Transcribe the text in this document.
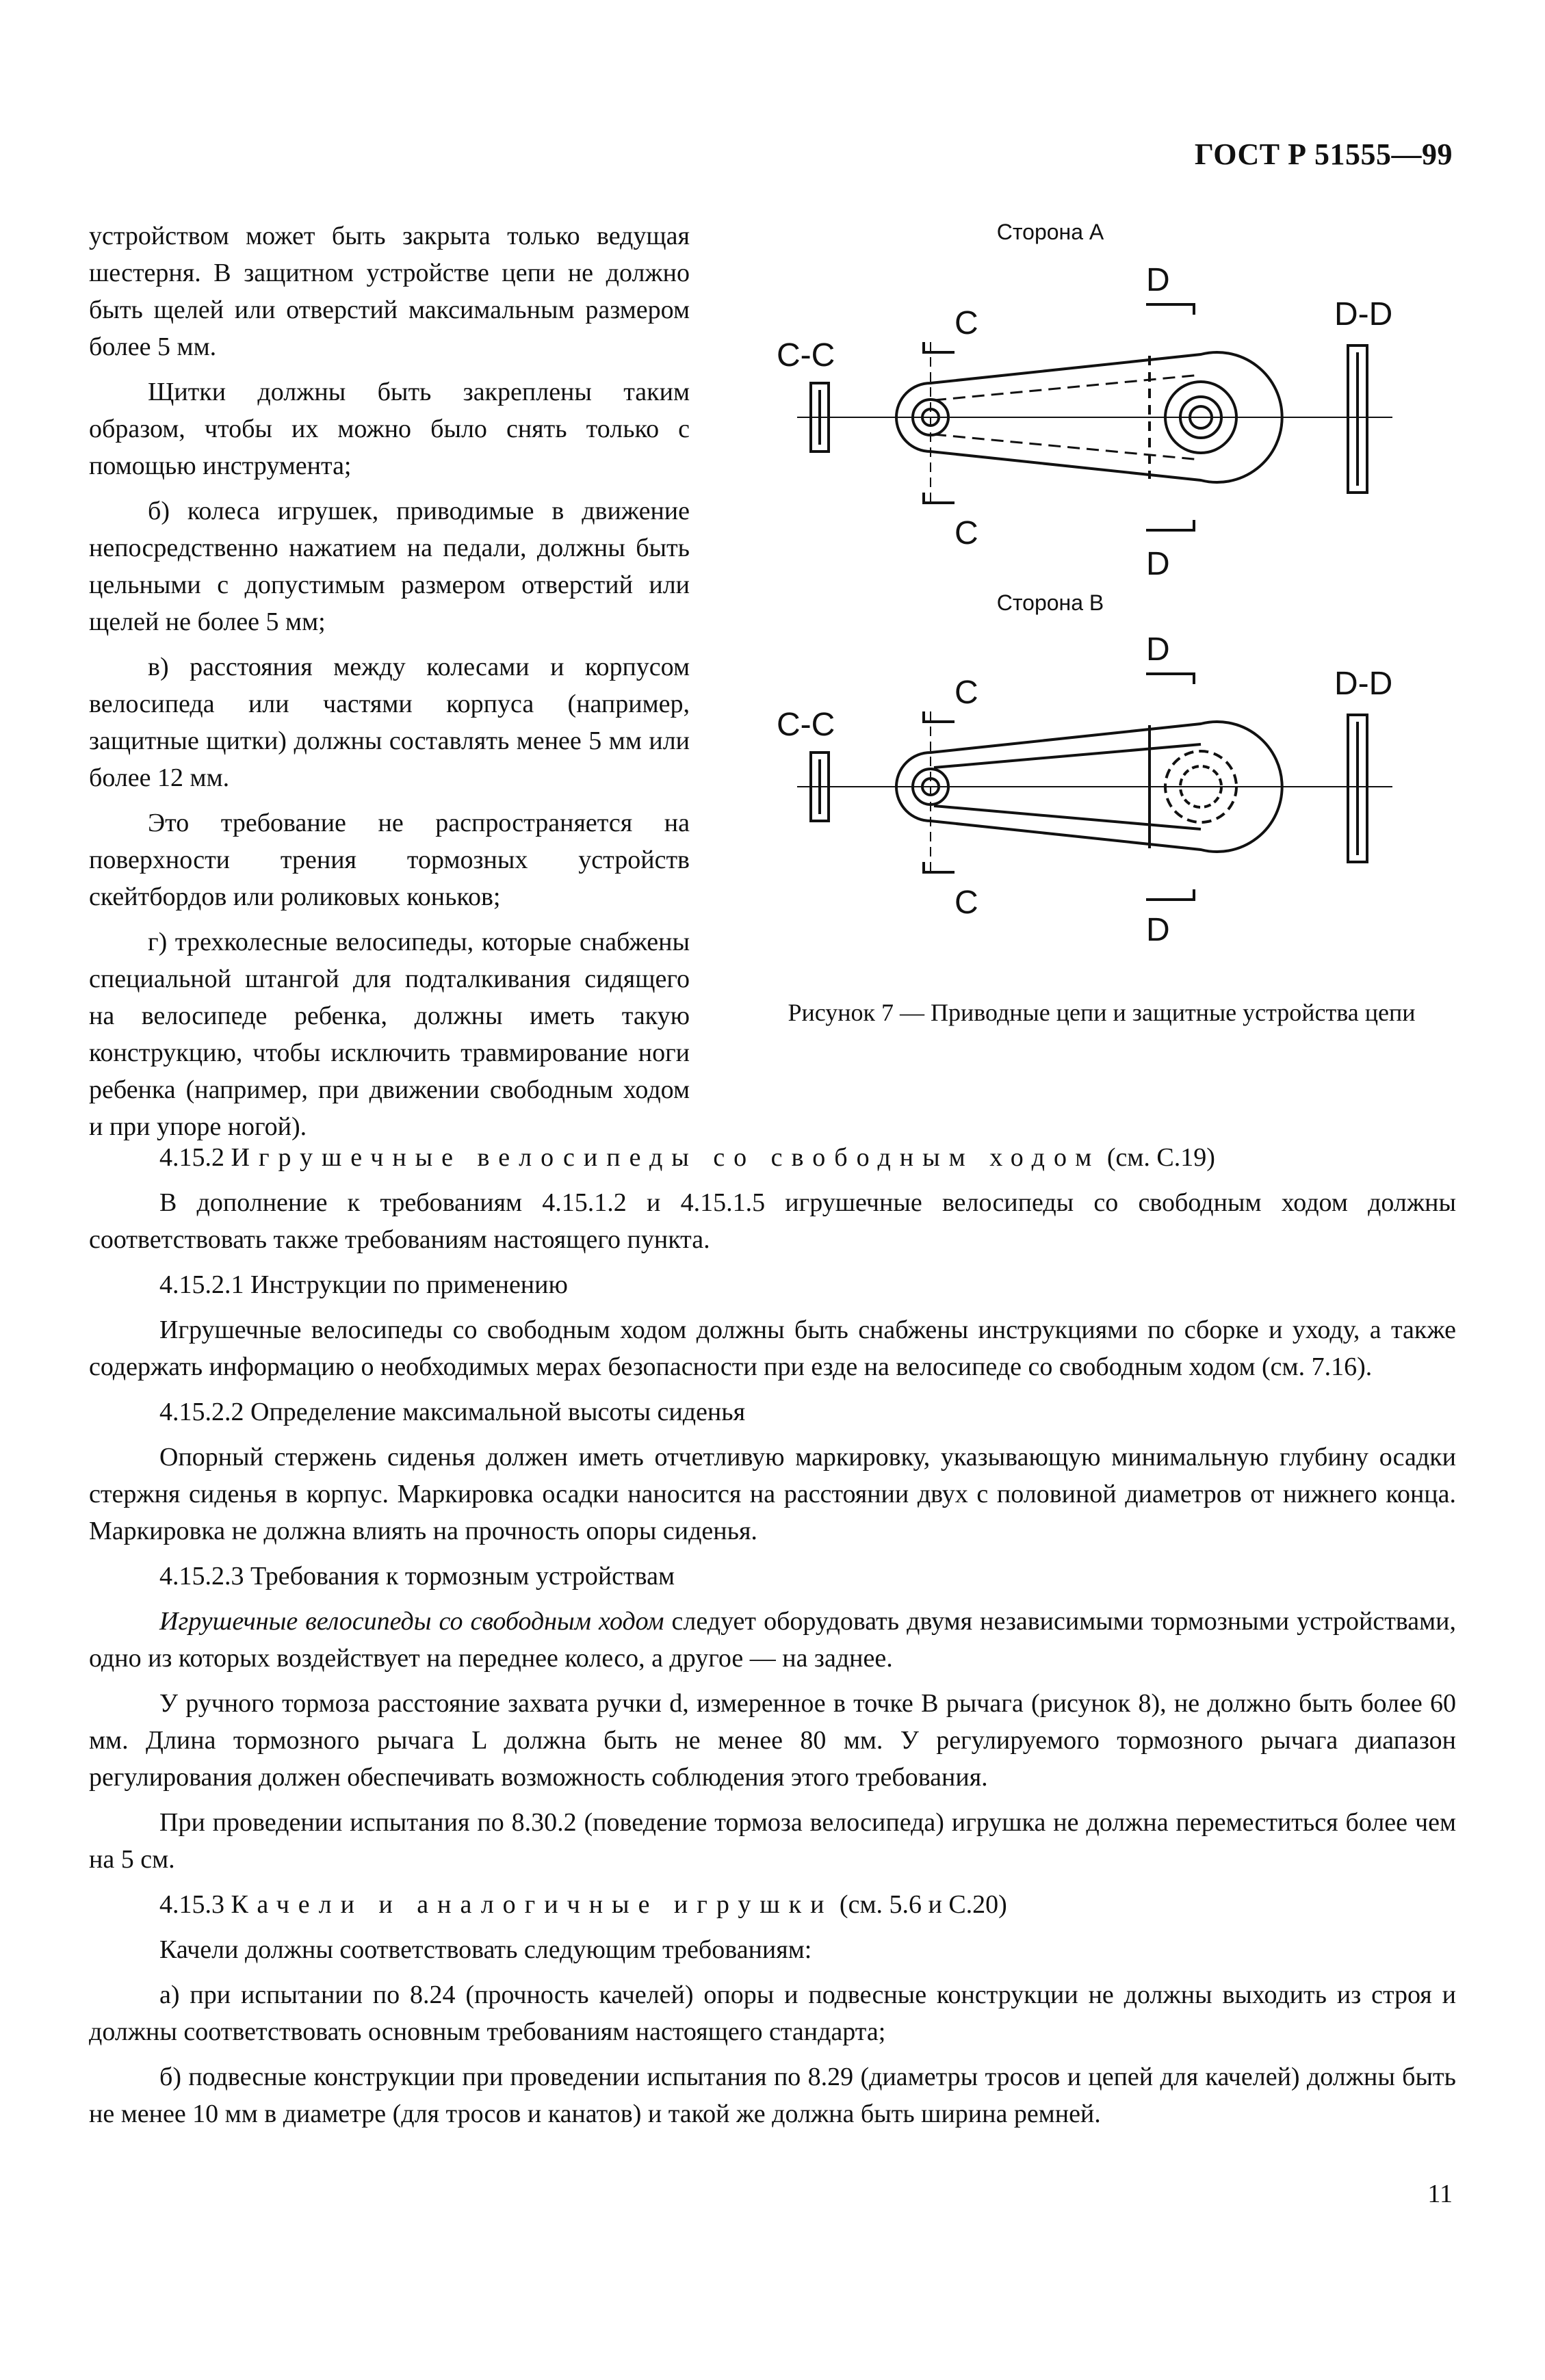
ГОСТ Р 51555—99

устройством может быть закрыта только ведущая шестерня. В защитном устройстве цепи не должно быть щелей или отверстий максимальным размером более 5 мм.

Щитки должны быть закреплены таким образом, чтобы их можно было снять только с помощью инструмента;

б) колеса игрушек, приводимые в движение непосредственно нажатием на педали, должны быть цельными с допустимым размером отверстий или щелей не более 5 мм;

в) расстояния между колесами и корпусом велосипеда или частями корпуса (например, защитные щитки) должны составлять менее 5 мм или более 12 мм.

Это требование не распространяется на поверхности трения тормозных устройств скейтбордов или роликовых коньков;

г) трехколесные велосипеды, которые снабжены специальной штангой для подталкивания сидящего на велосипеде ребенка, должны иметь такую конструкцию, чтобы исключить травмирование ноги ребенка (например, при движении свободным ходом и при упоре ногой).

Сторона А
С-С
D-D
С
D
С
D
Сторона В
С-С
D-D
С
D
С
D
Рисунок 7 — Приводные цепи и защитные устройства цепи

4.15.2 Игрушечные велосипеды со свободным ходом (см. С.19)

В дополнение к требованиям 4.15.1.2 и 4.15.1.5 игрушечные велосипеды со свободным ходом должны соответствовать также требованиям настоящего пункта.

4.15.2.1 Инструкции по применению

Игрушечные велосипеды со свободным ходом должны быть снабжены инструкциями по сборке и уходу, а также содержать информацию о необходимых мерах безопасности при езде на велосипеде со свободным ходом (см. 7.16).

4.15.2.2 Определение максимальной высоты сиденья

Опорный стержень сиденья должен иметь отчетливую маркировку, указывающую минимальную глубину осадки стержня сиденья в корпус. Маркировка осадки наносится на расстоянии двух с половиной диаметров от нижнего конца. Маркировка не должна влиять на прочность опоры сиденья.

4.15.2.3 Требования к тормозным устройствам

Игрушечные велосипеды со свободным ходом следует оборудовать двумя независимыми тормозными устройствами, одно из которых воздействует на переднее колесо, а другое — на заднее.

У ручного тормоза расстояние захвата ручки d, измеренное в точке B рычага (рисунок 8), не должно быть более 60 мм. Длина тормозного рычага L должна быть не менее 80 мм. У регулируемого тормозного рычага диапазон регулирования должен обеспечивать возможность соблюдения этого требования.

При проведении испытания по 8.30.2 (поведение тормоза велосипеда) игрушка не должна переместиться более чем на 5 см.

4.15.3 Качели и аналогичные игрушки (см. 5.6 и С.20)

Качели должны соответствовать следующим требованиям:

а) при испытании по 8.24 (прочность качелей) опоры и подвесные конструкции не должны выходить из строя и должны соответствовать основным требованиям настоящего стандарта;

б) подвесные конструкции при проведении испытания по 8.29 (диаметры тросов и цепей для качелей) должны быть не менее 10 мм в диаметре (для тросов и канатов) и такой же должна быть ширина ремней.

11
